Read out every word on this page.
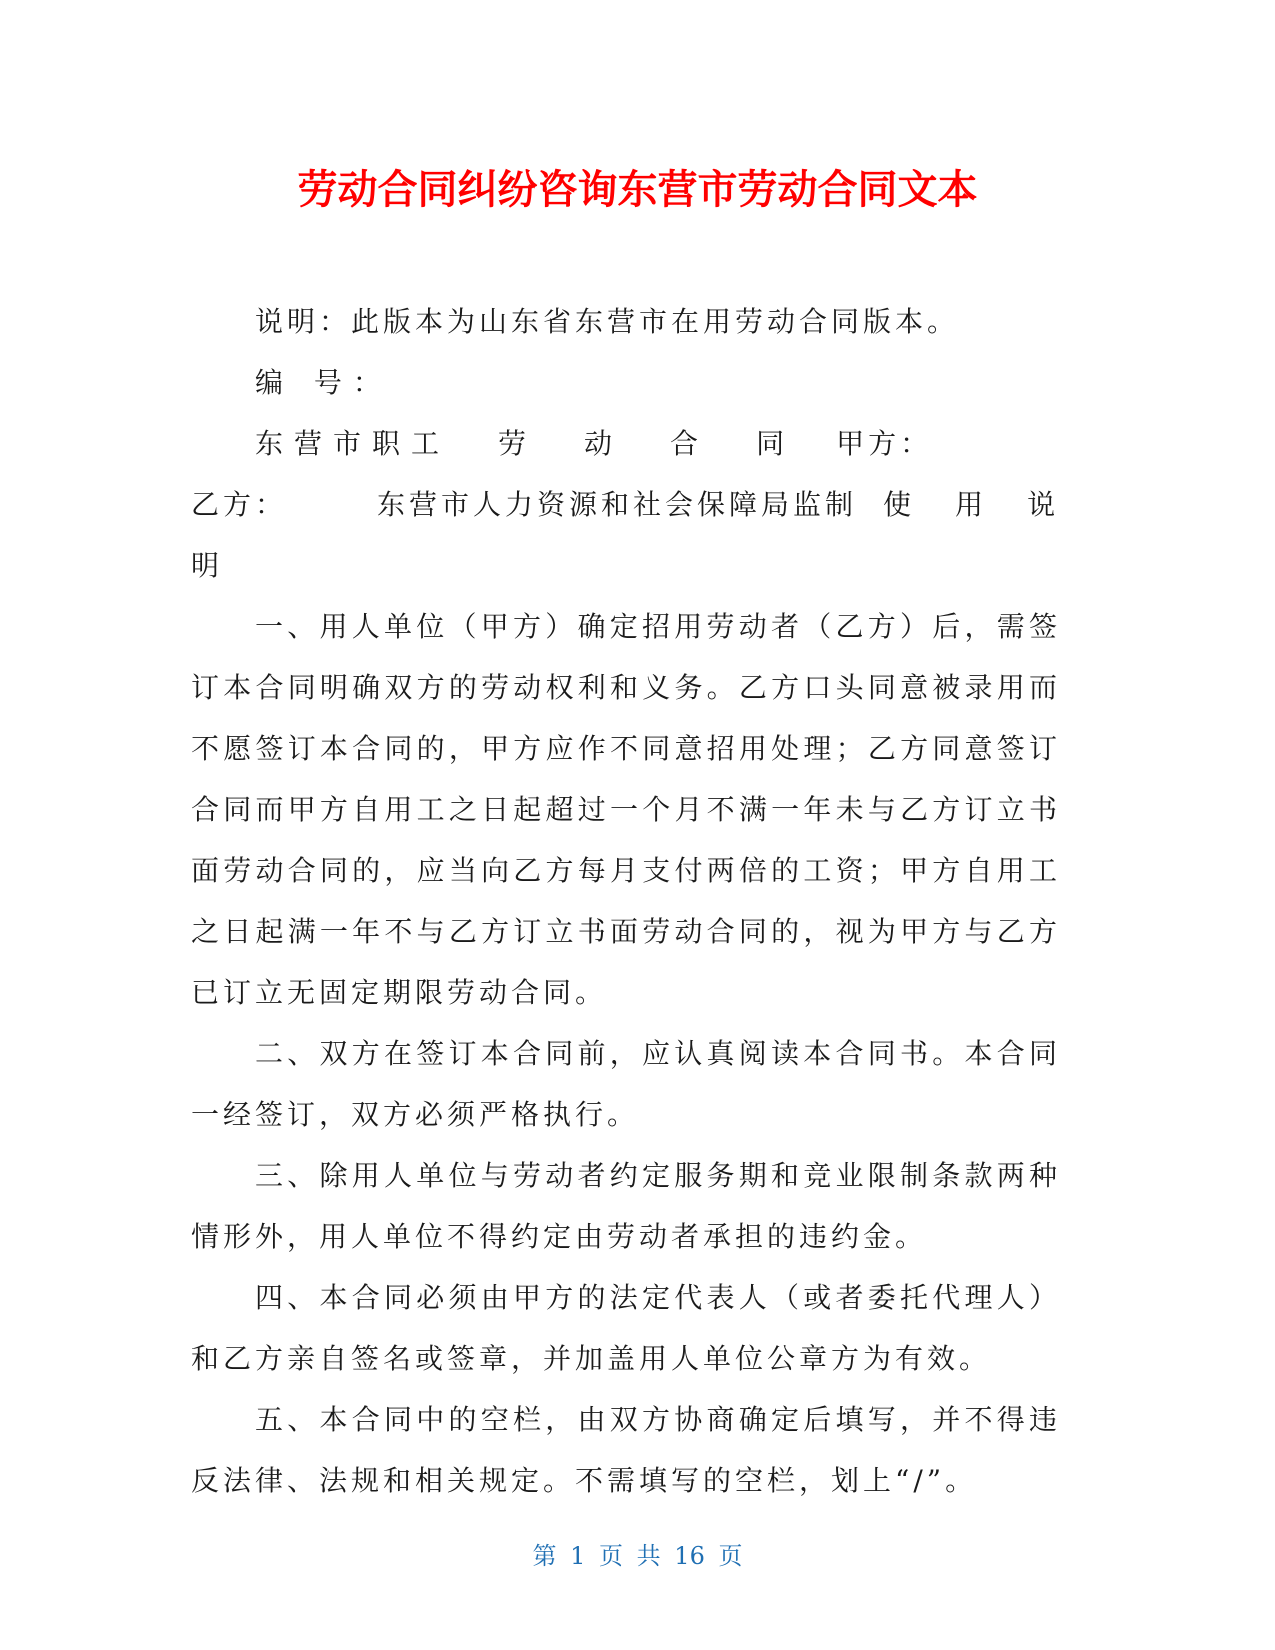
劳动合同纠纷咨询东营市劳动合同文本

说明：此版本为山东省东营市在用劳动合同版本。

编 号：

东营市职工 劳 动 合 同 甲方：
乙方：	东营市人力资源和社会保障局监制 使 用 说
明

一、用人单位（甲方）确定招用劳动者（乙方）后，需签订本合同明确双方的劳动权利和义务。乙方口头同意被录用而不愿签订本合同的，甲方应作不同意招用处理；乙方同意签订合同而甲方自用工之日起超过一个月不满一年未与乙方订立书面劳动合同的，应当向乙方每月支付两倍的工资；甲方自用工之日起满一年不与乙方订立书面劳动合同的，视为甲方与乙方已订立无固定期限劳动合同。

二、双方在签订本合同前，应认真阅读本合同书。本合同一经签订，双方必须严格执行。

三、除用人单位与劳动者约定服务期和竞业限制条款两种情形外，用人单位不得约定由劳动者承担的违约金。

四、本合同必须由甲方的法定代表人（或者委托代理人）和乙方亲自签名或签章，并加盖用人单位公章方为有效。

五、本合同中的空栏，由双方协商确定后填写，并不得违反法律、法规和相关规定。不需填写的空栏，划上“/”。

第 1 页 共 16 页
